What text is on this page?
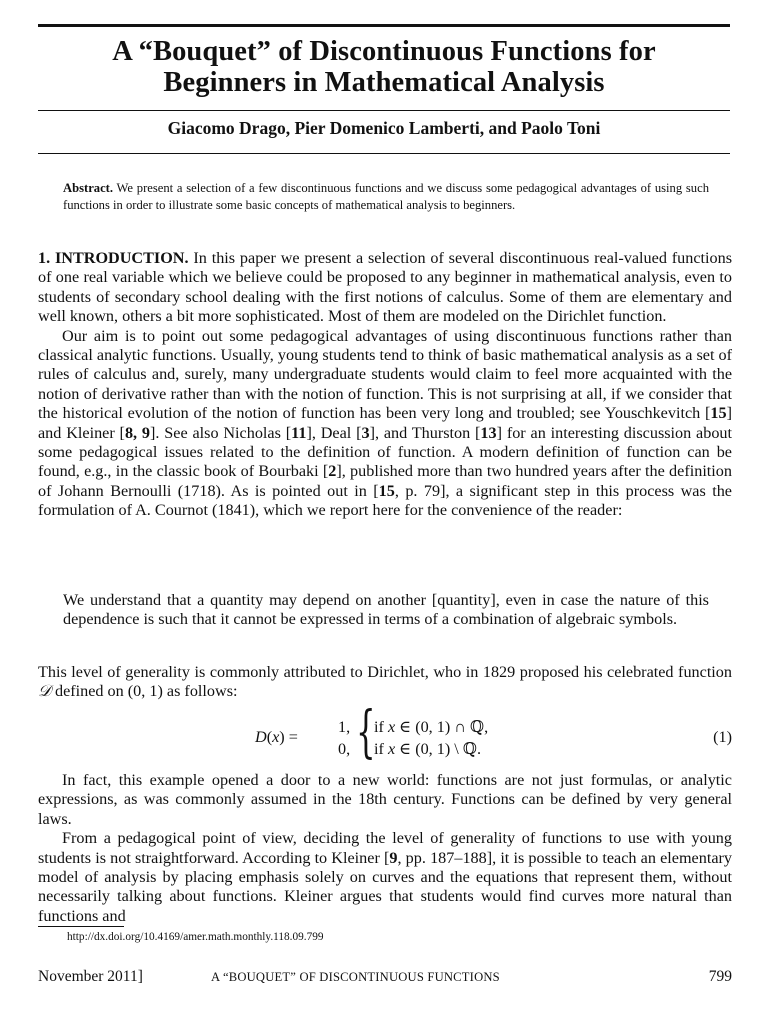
A “Bouquet” of Discontinuous Functions for
Beginners in Mathematical Analysis
Giacomo Drago, Pier Domenico Lamberti, and Paolo Toni
Abstract. We present a selection of a few discontinuous functions and we discuss some pedagogical advantages of using such functions in order to illustrate some basic concepts of mathematical analysis to beginners.

1. INTRODUCTION. In this paper we present a selection of several discontinuous real-valued functions of one real variable which we believe could be proposed to any beginner in mathematical analysis, even to students of secondary school dealing with the first notions of calculus. Some of them are elementary and well known, others a bit more sophisticated. Most of them are modeled on the Dirichlet function.

Our aim is to point out some pedagogical advantages of using discontinuous functions rather than classical analytic functions. Usually, young students tend to think of basic mathematical analysis as a set of rules of calculus and, surely, many undergraduate students would claim to feel more acquainted with the notion of derivative rather than with the notion of function. This is not surprising at all, if we consider that the historical evolution of the notion of function has been very long and troubled; see Youschkevitch [15] and Kleiner [8, 9]. See also Nicholas [11], Deal [3], and Thurston [13] for an interesting discussion about some pedagogical issues related to the definition of function. A modern definition of function can be found, e.g., in the classic book of Bourbaki [2], published more than two hundred years after the definition of Johann Bernoulli (1718). As is pointed out in [15, p. 79], a significant step in this process was the formulation of A. Cournot (1841), which we report here for the convenience of the reader:

We understand that a quantity may depend on another [quantity], even in case the nature of this dependence is such that it cannot be expressed in terms of a combination of algebraic symbols.

This level of generality is commonly attributed to Dirichlet, who in 1829 proposed his celebrated function 𝒟 defined on (0, 1) as follows:

D(x) = {
1, if x ∈ (0, 1) ∩ ℚ,
0, if x ∈ (0, 1) \ ℚ.
(1)

In fact, this example opened a door to a new world: functions are not just formulas, or analytic expressions, as was commonly assumed in the 18th century. Functions can be defined by very general laws.

From a pedagogical point of view, deciding the level of generality of functions to use with young students is not straightforward. According to Kleiner [9, pp. 187–188], it is possible to teach an elementary model of analysis by placing emphasis solely on curves and the equations that represent them, without necessarily talking about functions. Kleiner argues that students would find curves more natural than functions and

http://dx.doi.org/10.4169/amer.math.monthly.118.09.799
November 2011]	A “BOUQUET” OF DISCONTINUOUS FUNCTIONS	799
